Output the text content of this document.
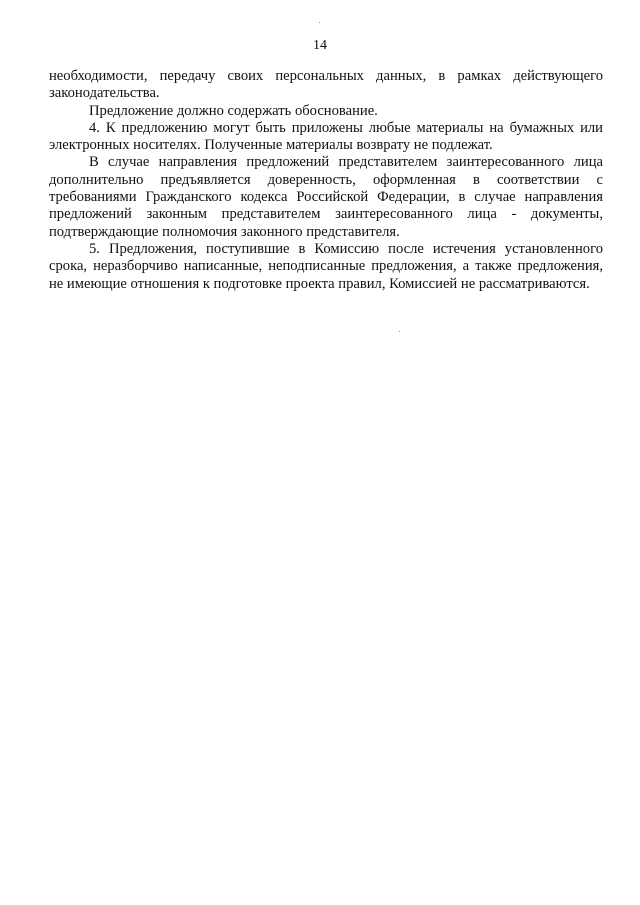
14

необходимости, передачу своих персональных данных, в рамках действующего законодательства.

Предложение должно содержать обоснование.

4. К предложению могут быть приложены любые материалы на бумажных или электронных носителях. Полученные материалы возврату не подлежат.

В случае направления предложений представителем заинтересованного лица дополнительно предъявляется доверенность, оформленная в соответствии с требованиями Гражданского кодекса Российской Федерации, в случае направления предложений законным представителем заинтересованного лица - документы, подтверждающие полномочия законного представителя.

5. Предложения, поступившие в Комиссию после истечения установленного срока, неразборчиво написанные, неподписанные предложения, а также предложения, не имеющие отношения к подготовке проекта правил, Комиссией не рассматриваются.
